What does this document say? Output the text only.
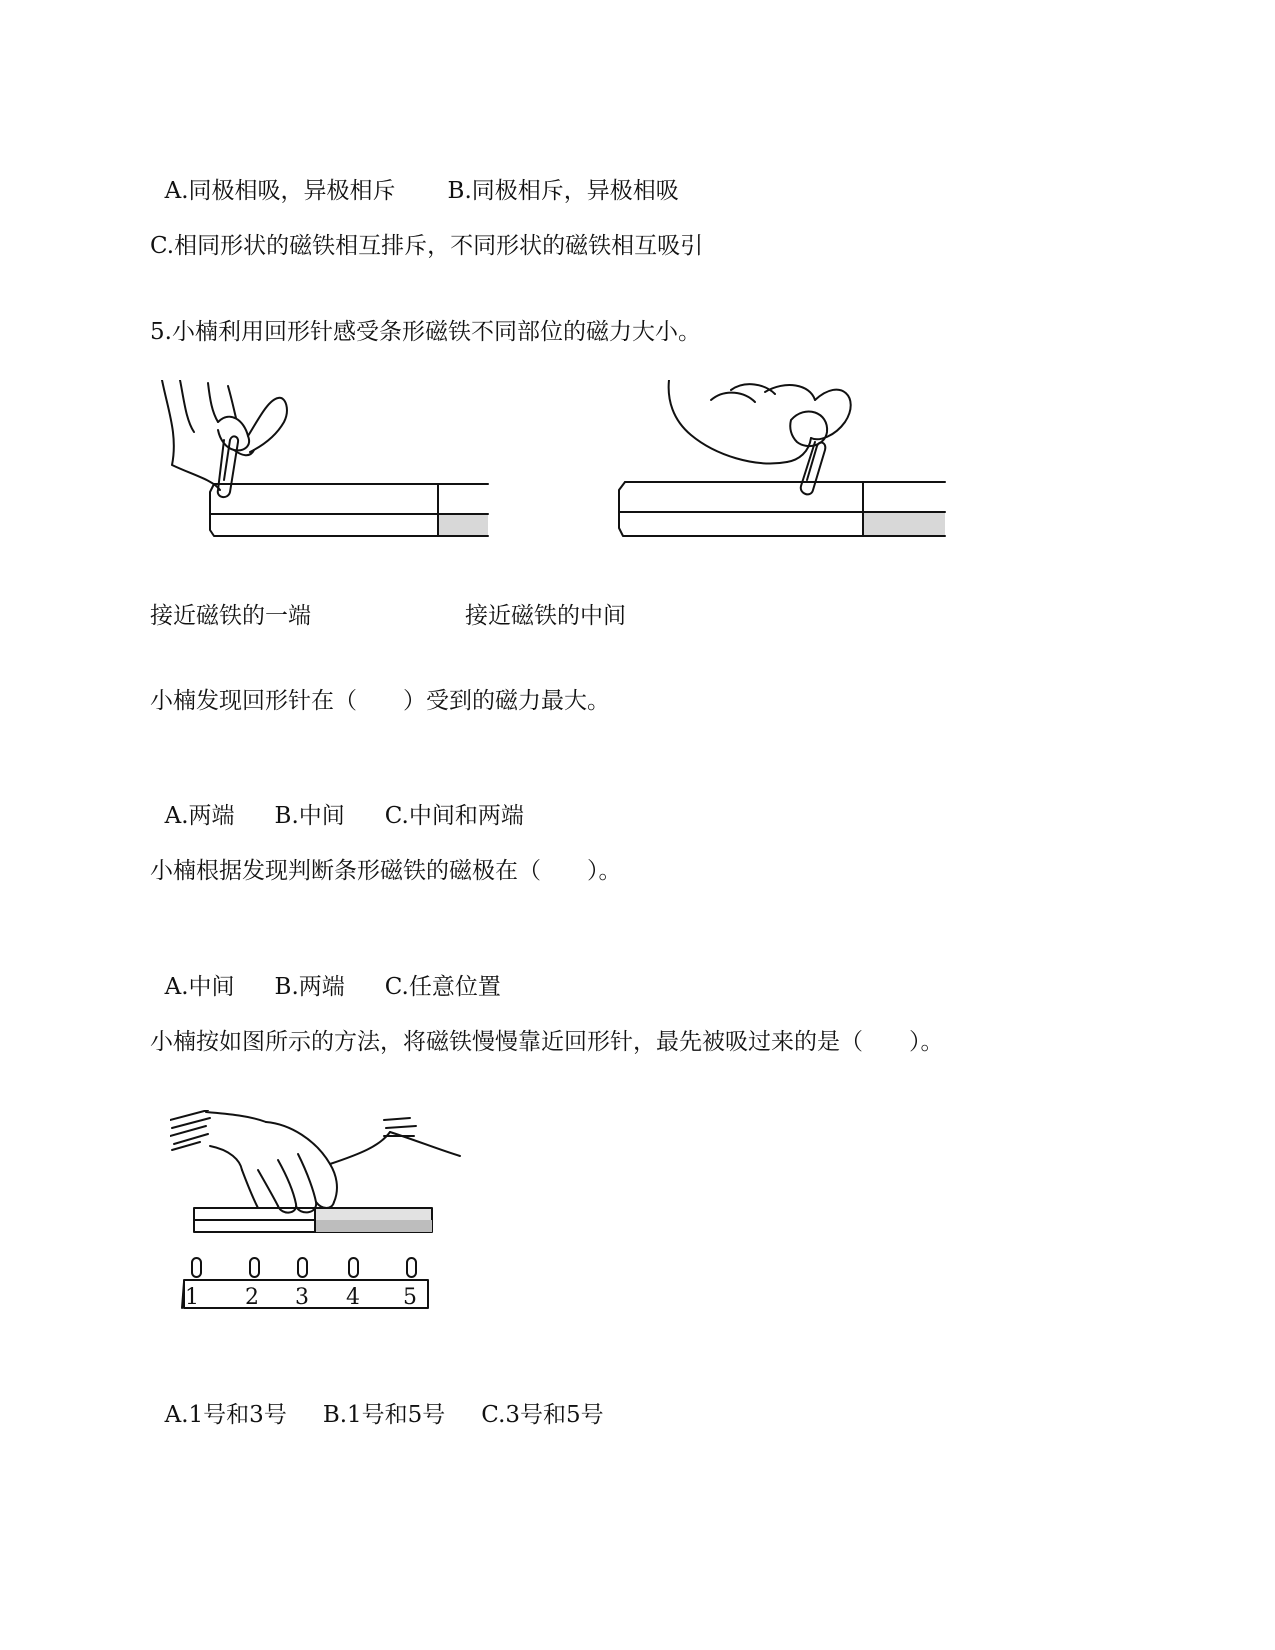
A.同极相吸，异极相斥 B.同极相斥，异极相吸

C.相同形状的磁铁相互排斥，不同形状的磁铁相互吸引
5.小楠利用回形针感受条形磁铁不同部位的磁力大小。
接近磁铁的一端	接近磁铁的中间
小楠发现回形针在（　　）受到的磁力最大。

A.两端 B.中间 C.中间和两端

小楠根据发现判断条形磁铁的磁极在（　　）。

A.中间 B.两端 C.任意位置

小楠按如图所示的方法，将磁铁慢慢靠近回形针，最先被吸过来的是（　　）。
1 2 3 4 5

A.1号和3号 B.1号和5号 C.3号和5号
